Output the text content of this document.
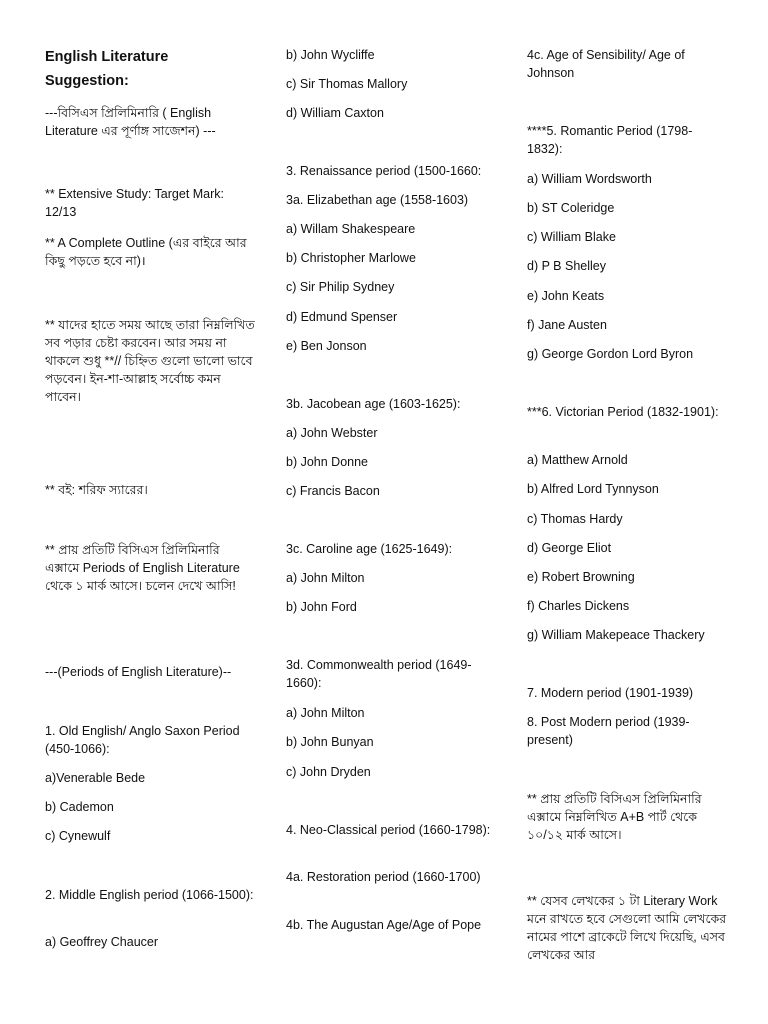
English Literature

Suggestion:

---বিসিএস প্রিলিমিনারি ( English Literature এর পূর্ণাঙ্গ সাজেশন) ---

** Extensive Study: Target Mark: 12/13

** A Complete Outline (এর বাইরে আর কিছু পড়তে হবে না)।

** যাদের হাতে সময় আছে তারা নিম্নলিখিত সব পড়ার চেষ্টা করবেন। আর সময় না থাকলে শুধু **// চিহ্নিত গুলো ভালো ভাবে পড়বেন। ইন-শা-আল্লাহ সর্বোচ্চ কমন পাবেন।

** বই: শরিফ স্যারের।

** প্রায় প্রতিটি বিসিএস প্রিলিমিনারি এক্সামে Periods of English Literature থেকে ১ মার্ক আসে। চলেন দেখে আসি!

---(Periods of English Literature)--

1. Old English/ Anglo Saxon Period (450-1066):

a)Venerable Bede

b) Cademon

c) Cynewulf

2. Middle English period (1066-1500):

a) Geoffrey Chaucer

b) John Wycliffe

c) Sir Thomas Mallory

d) William Caxton

3. Renaissance period (1500-1660:

3a. Elizabethan age (1558-1603)

a) Willam Shakespeare

b) Christopher Marlowe

c) Sir Philip Sydney

d) Edmund Spenser

e) Ben Jonson

3b. Jacobean age (1603-1625):

a) John Webster

b) John Donne

c) Francis Bacon

3c. Caroline age (1625-1649):

a) John Milton

b) John Ford

3d. Commonwealth period (1649-1660):

a) John Milton

b) John Bunyan

c) John Dryden

4. Neo-Classical period (1660-1798):

4a. Restoration period (1660-1700)

4b. The Augustan Age/Age of Pope

4c. Age of Sensibility/ Age of Johnson

****5. Romantic Period (1798-1832):

a) William Wordsworth

b) ST Coleridge

c) William Blake

d) P B Shelley

e) John Keats

f) Jane Austen

g) George Gordon Lord Byron

***6. Victorian Period (1832-1901):

a) Matthew Arnold

b) Alfred Lord Tynnyson

c) Thomas Hardy

d) George Eliot

e) Robert Browning

f) Charles Dickens

g) William Makepeace Thackery

7. Modern period (1901-1939)

8. Post Modern period (1939-present)

** প্রায় প্রতিটি বিসিএস প্রিলিমিনারি এক্সামে নিম্নলিখিত A+B পার্ট থেকে ১০/১২ মার্ক আসে।

** যেসব লেখকের ১ টা Literary Work মনে রাখতে হবে সেগুলো আমি লেখকের নামের পাশে ব্রাকেটে লিখে দিয়েছি, এসব লেখকের আর
